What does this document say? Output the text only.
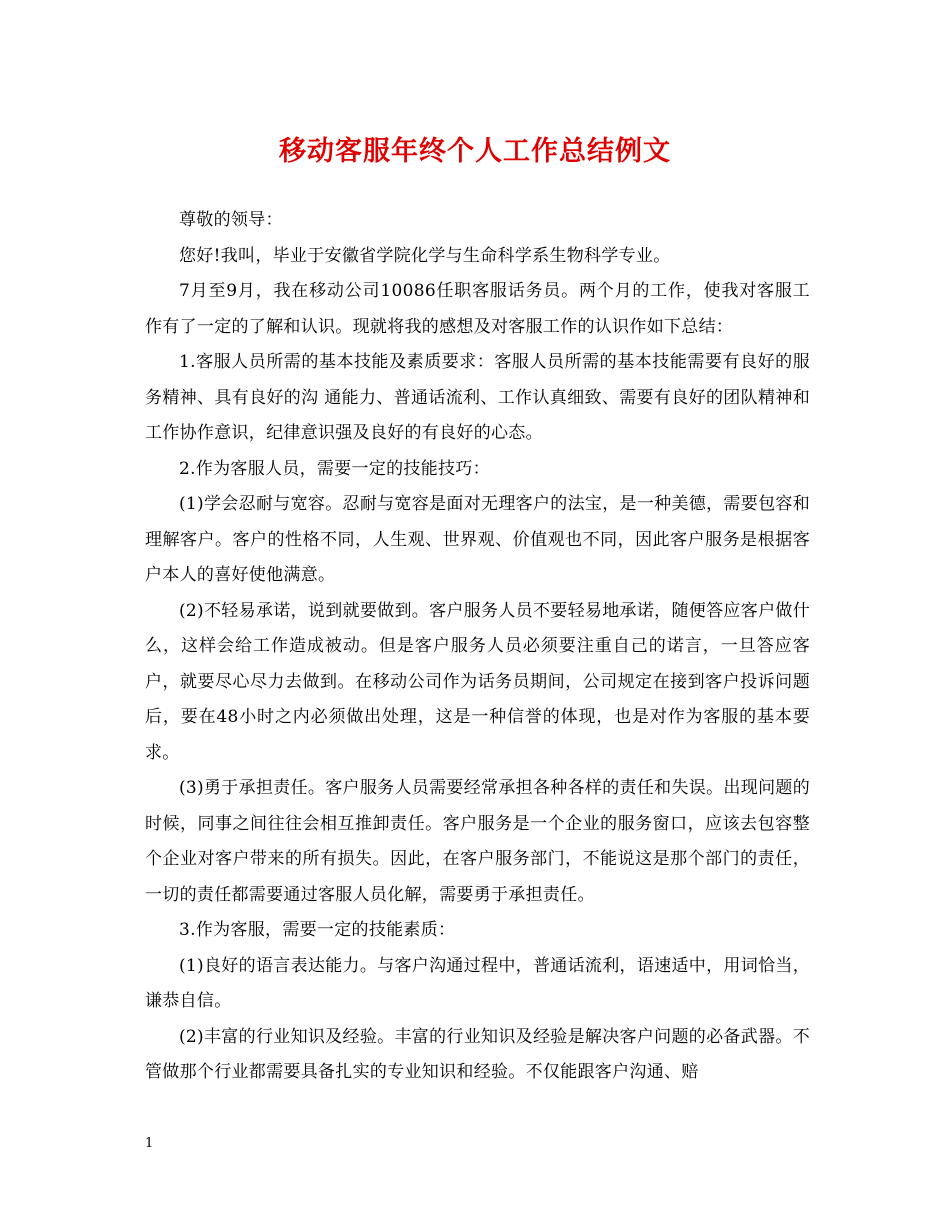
移动客服年终个人工作总结例文

尊敬的领导：

您好!我叫，毕业于安徽省学院化学与生命科学系生物科学专业。

7月至9月，我在移动公司10086任职客服话务员。两个月的工作，使我对客服工作有了一定的了解和认识。现就将我的感想及对客服工作的认识作如下总结：

1.客服人员所需的基本技能及素质要求：客服人员所需的基本技能需要有良好的服务精神、具有良好的沟 通能力、普通话流利、工作认真细致、需要有良好的团队精神和工作协作意识，纪律意识强及良好的有良好的心态。

2.作为客服人员，需要一定的技能技巧：

(1)学会忍耐与宽容。忍耐与宽容是面对无理客户的法宝，是一种美德，需要包容和理解客户。客户的性格不同，人生观、世界观、价值观也不同，因此客户服务是根据客户本人的喜好使他满意。

(2)不轻易承诺，说到就要做到。客户服务人员不要轻易地承诺，随便答应客户做什么，这样会给工作造成被动。但是客户服务人员必须要注重自己的诺言，一旦答应客户，就要尽心尽力去做到。在移动公司作为话务员期间，公司规定在接到客户投诉问题后，要在48小时之内必须做出处理，这是一种信誉的体现，也是对作为客服的基本要求。

(3)勇于承担责任。客户服务人员需要经常承担各种各样的责任和失误。出现问题的时候，同事之间往往会相互推卸责任。客户服务是一个企业的服务窗口，应该去包容整个企业对客户带来的所有损失。因此，在客户服务部门，不能说这是那个部门的责任，一切的责任都需要通过客服人员化解，需要勇于承担责任。

3.作为客服，需要一定的技能素质：

(1)良好的语言表达能力。与客户沟通过程中，普通话流利，语速适中，用词恰当，谦恭自信。

(2)丰富的行业知识及经验。丰富的行业知识及经验是解决客户问题的必备武器。不管做那个行业都需要具备扎实的专业知识和经验。不仅能跟客户沟通、赔

1
